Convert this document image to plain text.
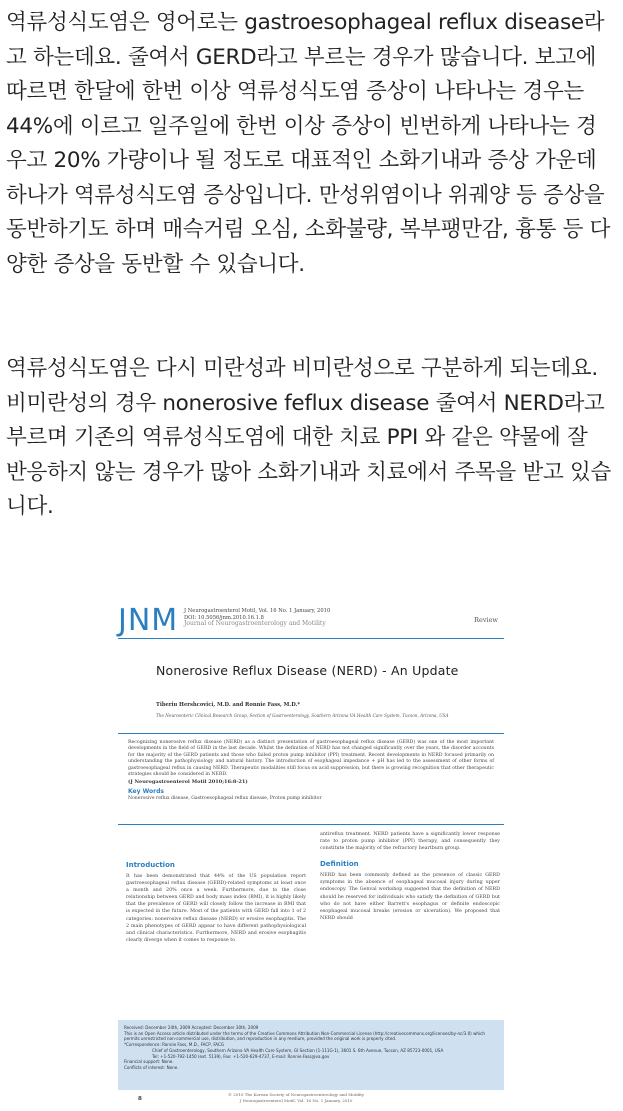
역류성식도염은 영어로는 gastroesophageal reflux disease라고 하는데요. 줄여서 GERD라고 부르는 경우가 많습니다. 보고에 따르면 한달에 한번 이상 역류성식도염 증상이 나타나는 경우는 44%에 이르고 일주일에 한번 이상 증상이 빈번하게 나타나는 경우고 20% 가량이나 될 정도로 대표적인 소화기내과 증상 가운데 하나가 역류성식도염 증상입니다. 만성위염이나 위궤양 등 증상을 동반하기도 하며 매슥거림 오심, 소화불량, 복부팽만감, 흉통 등 다양한 증상을 동반할 수 있습니다.

역류성식도염은 다시 미란성과 비미란성으로 구분하게 되는데요. 비미란성의 경우 nonerosive feflux disease 줄여서 NERD라고 부르며 기존의 역류성식도염에 대한 치료 PPI 와 같은 약물에 잘 반응하지 않는 경우가 많아 소화기내과 치료에서 주목을 받고 있습니다.

JNM J Neurogastroenterol Motil, Vol. 16 No. 1 January, 2010
DOI: 10.5056/jnm.2010.16.1.8
Journal of Neurogastroenterology and Motility	Review
Nonerosive Reflux Disease (NERD) - An Update
Tiberiu Hershcovici, M.D. and Ronnie Fass, M.D.*
The Neuroenteric Clinical Research Group, Section of Gastroenterology, Southern Arizona VA Health Care System, Tucson, Arizona, USA

Recognizing nonerosive reflux disease (NERD) as a distinct presentation of gastroesophageal reflux disease (GERD) was one of the most important developments in the field of GERD in the last decade. Whilst the definition of NERD has not changed significantly over the years, the disorder accounts for the majority of the GERD patients and those who failed proton pump inhibitor (PPI) treatment. Recent developments in NERD focused primarily on understanding the pathophysiology and natural history. The introduction of esophageal impedance + pH has led to the assessment of other forms of gastroesophageal reflux in causing NERD. Therapeutic modalities still focus on acid suppression, but there is growing recognition that other therapeutic strategies should be considered in NERD.

(J Neurogastroenterol Motil 2010;16:8-21)

Key Words

Nonerosive reflux disease, Gastroesophageal reflux disease, Proton pump inhibitor

Introduction

It has been demonstrated that 44% of the US population report gastroesophageal reflux disease (GERD)-related symptoms at least once a month and 20% once a week. Furthermore, due to the close relationship between GERD and body mass index (BMI), it is highly likely that the prevalence of GERD will closely follow the increase in BMI that is expected in the future. Most of the patients with GERD fall into 1 of 2 categories: nonerosive reflux disease (NERD) or erosive esophagitis. The 2 main phenotypes of GERD appear to have different pathophysiological and clinical characteristics. Furthermore, NERD and erosive esophagitis clearly diverge when it comes to response to

antireflux treatment. NERD patients have a significantly lower response rate to proton pump inhibitor (PPI) therapy, and consequently they constitute the majority of the refractory heartburn group.

Definition

NERD has been commonly defined as the presence of classic GERD symptoms in the absence of esophageal mucosal injury during upper endoscopy. The Genval workshop suggested that the definition of NERD should be reserved for individuals who satisfy the definition of GERD but who do not have either Barrett's esophagus or definite endoscopic esophageal mucosal breaks (erosion or ulceration). We proposed that NERD should

Received: December 24th, 2009 Accepted: December 30th, 2009

This is an Open Access article distributed under the terms of the Creative Commons Attribution Non-Commercial License (http://creativecommons.org/licenses/by-nc/3.0) which permits unrestricted non-commercial use, distribution, and reproduction in any medium, provided the original work is properly cited.

*Correspondence: Ronnie Fass, M.D., FACP, FACG

Chief of Gastroenterology, Southern Arizona VA Health Care System, GI Section (1-111G-1), 3601 S. 6th Avenue, Tucson, AZ 85723-0001, USA

Tel: +1-520-792-1450 (ext. 5139), Fax: +1-520-629-4737, E-mail: Ronnie.Fass@va.gov

Financial support: None.

Conflicts of interest: None.

8
© 2010 The Korean Society of Neurogastroenterology and Motility
J Neurogastroenterol Motil, Vol. 16 No. 1 January, 2010
